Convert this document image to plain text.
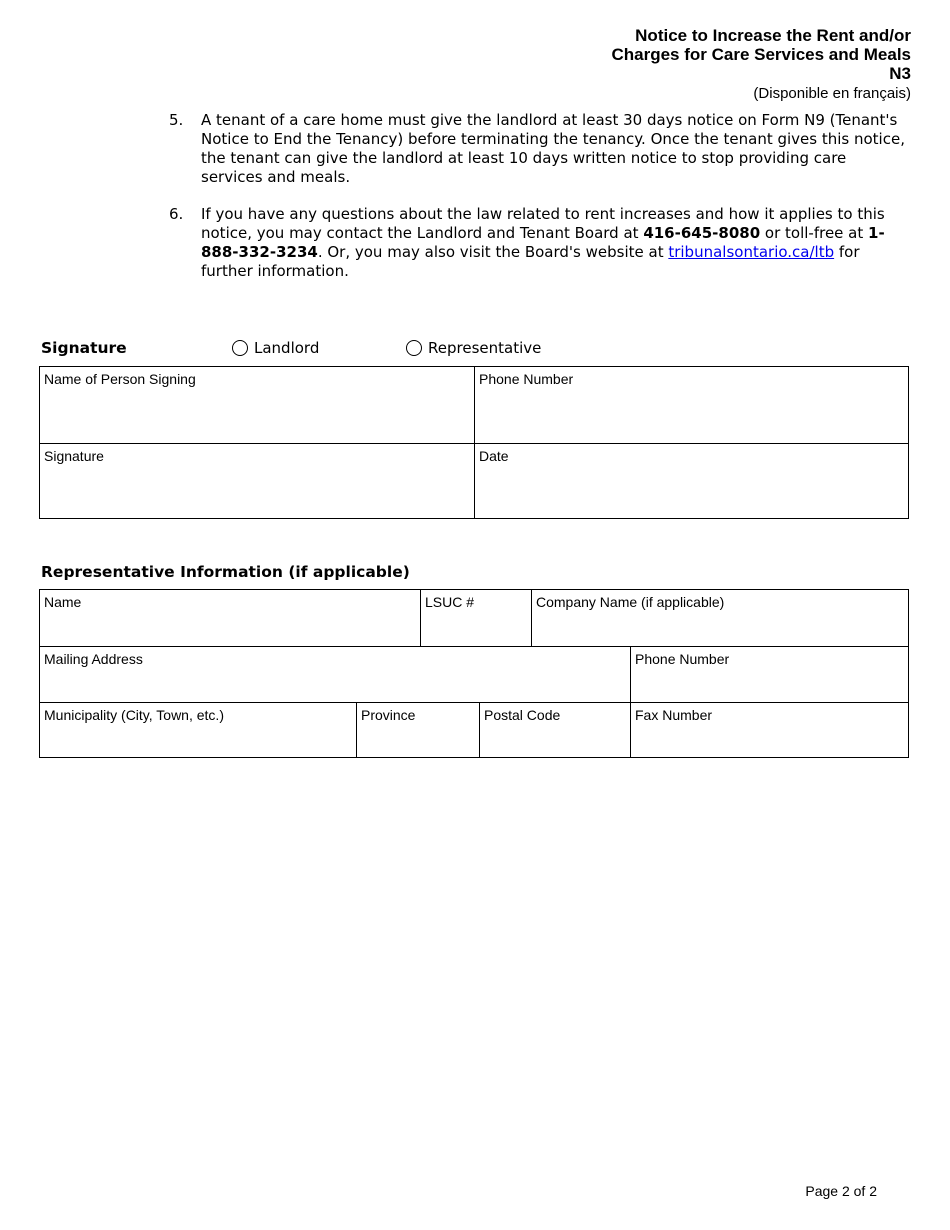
Notice to Increase the Rent and/or
Charges for Care Services and Meals
N3
(Disponible en français)
5.	A tenant of a care home must give the landlord at least 30 days notice on Form N9 (Tenant's Notice to End the Tenancy) before terminating the tenancy. Once the tenant gives this notice, the tenant can give the landlord at least 10 days written notice to stop providing care services and meals.
6.	If you have any questions about the law related to rent increases and how it applies to this notice, you may contact the Landlord and Tenant Board at 416-645-8080 or toll-free at 1-888-332-3234. Or, you may also visit the Board's website at tribunalsontario.ca/ltb for further information.
Signature	Landlord	Representative
Name of Person Signing	Phone Number
Signature	Date
Representative Information (if applicable)
Name	LSUC #	Company Name (if applicable)
Mailing Address	Phone Number
Municipality (City, Town, etc.)	Province	Postal Code	Fax Number
Page 2 of 2
